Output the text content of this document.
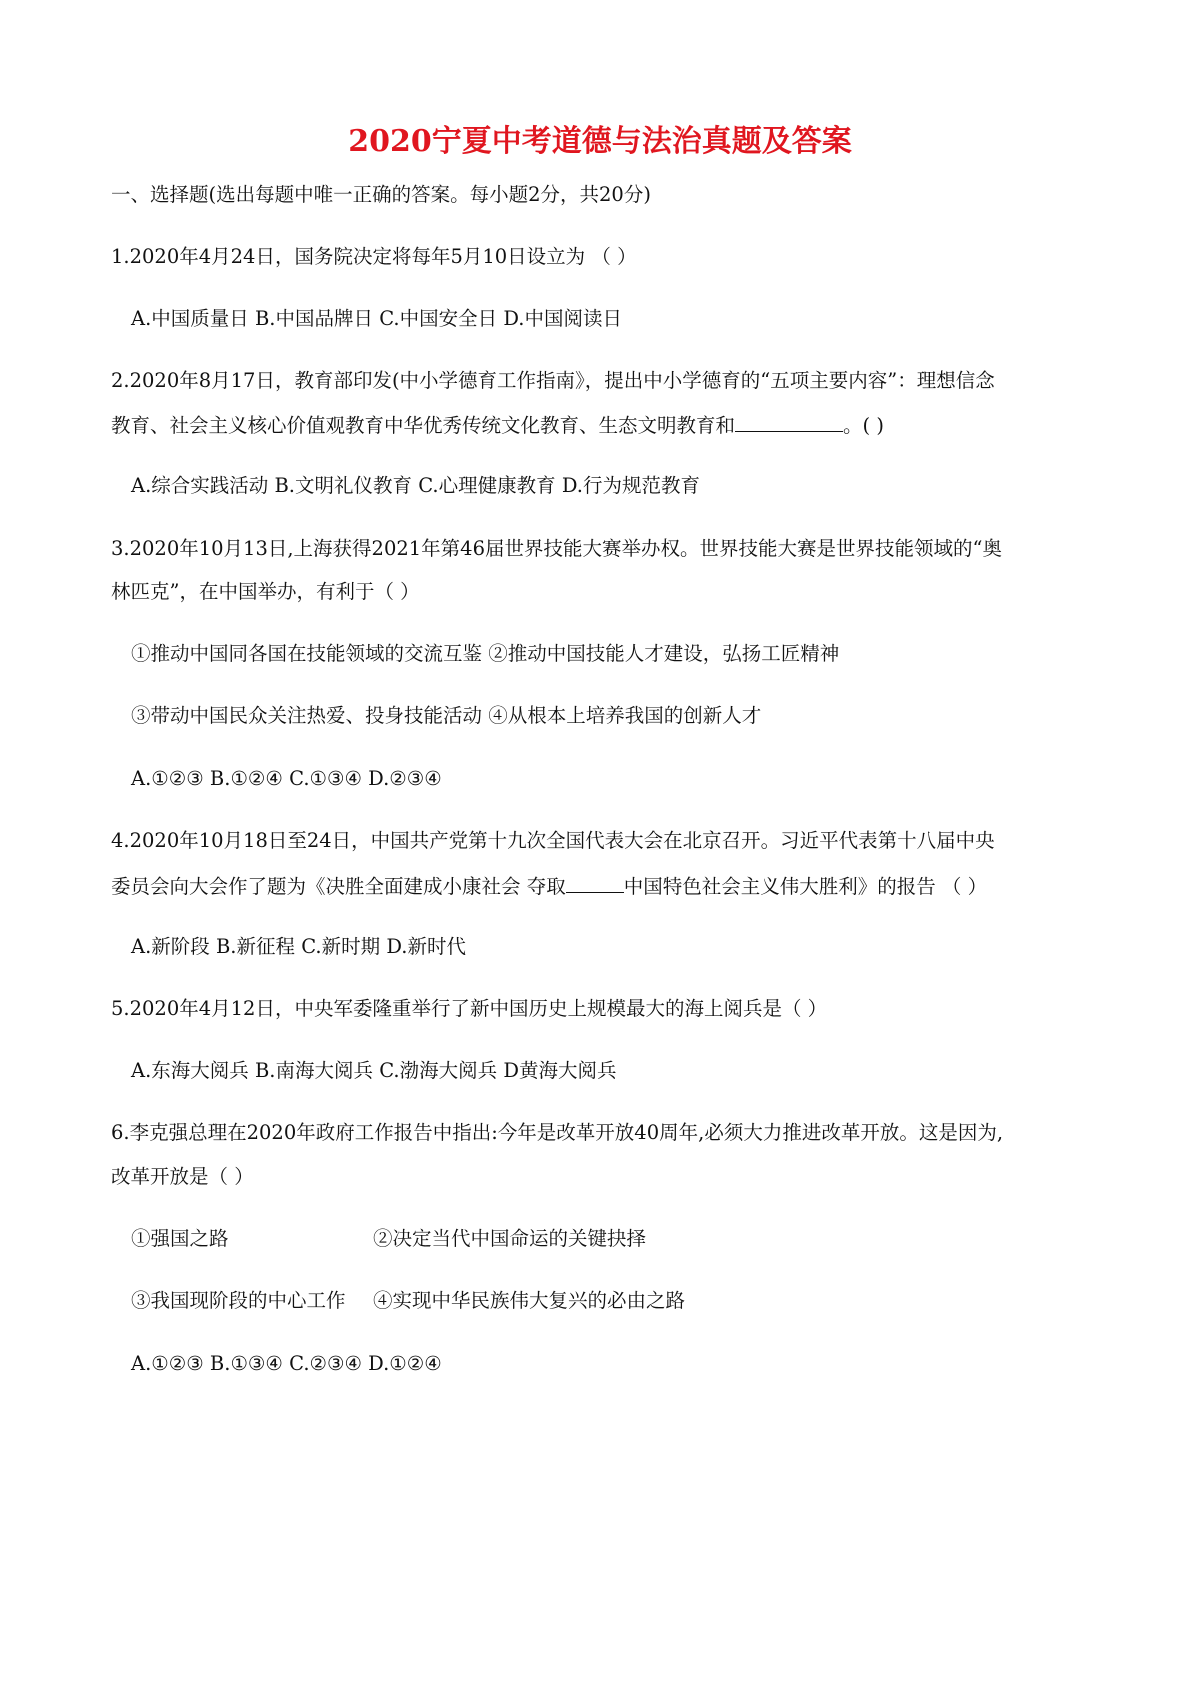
2020宁夏中考道德与法治真题及答案
一、选择题(选出每题中唯一正确的答案。每小题2分，共20分)
1.2020年4月24日，国务院决定将每年5月10日设立为 （ ）
A.中国质量日 B.中国品牌日 C.中国安全日 D.中国阅读日
2.2020年8月17日，教育部印发(中小学德育工作指南》，提出中小学德育的“五项主要内容”：理想信念
教育、社会主义核心价值观教育中华优秀传统文化教育、生态文明教育和	。( )
A.综合实践活动 B.文明礼仪教育 C.心理健康教育 D.行为规范教育
3.2020年10月13日,上海获得2021年第46届世界技能大赛举办权。世界技能大赛是世界技能领域的“奥
林匹克”，在中国举办，有利于（ ）
①推动中国同各国在技能领域的交流互鉴 ②推动中国技能人才建设，弘扬工匠精神
③带动中国民众关注热爱、投身技能活动 ④从根本上培养我国的创新人才
A.①②③ B.①②④ C.①③④ D.②③④
4.2020年10月18日至24日，中国共产党第十九次全国代表大会在北京召开。习近平代表第十八届中央
委员会向大会作了题为《决胜全面建成小康社会 夺取	中国特色社会主义伟大胜利》的报告 （ ）
A.新阶段 B.新征程 C.新时期 D.新时代
5.2020年4月12日，中央军委隆重举行了新中国历史上规模最大的海上阅兵是（ ）
A.东海大阅兵 B.南海大阅兵 C.渤海大阅兵 D黄海大阅兵
6.李克强总理在2020年政府工作报告中指出:今年是改革开放40周年,必须大力推进改革开放。这是因为,
改革开放是（ ）
①强国之路	②决定当代中国命运的关键抉择
③我国现阶段的中心工作 ④实现中华民族伟大复兴的必由之路
A.①②③ B.①③④ C.②③④ D.①②④
